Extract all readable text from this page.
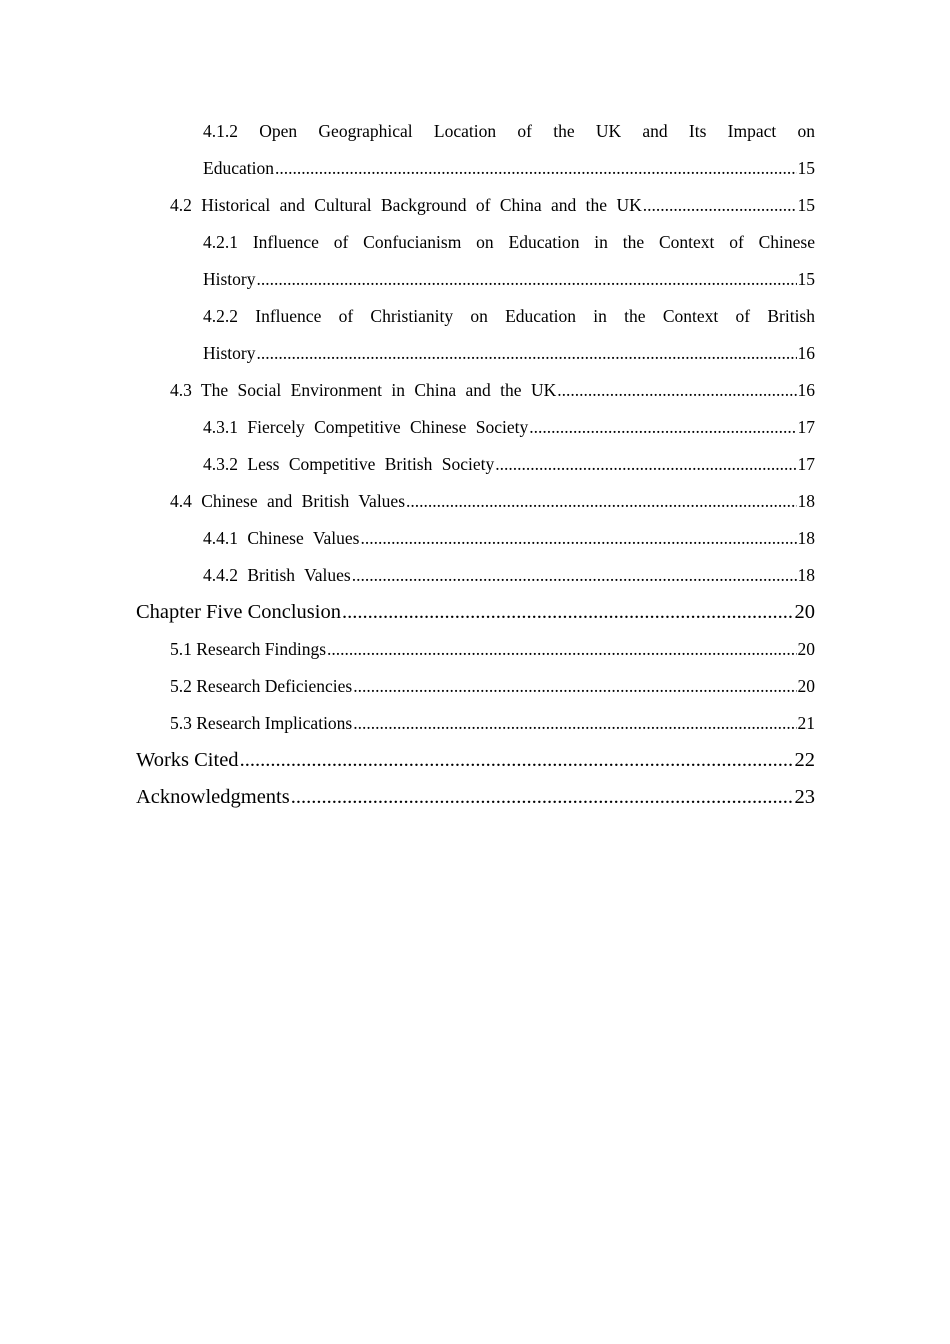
4.1.2 Open Geographical Location of the UK and Its Impact on
Education .....	15
4.2 Historical and Cultural Background of China and the UK .....	15
4.2.1 Influence of Confucianism on Education in the Context of Chinese
History .....	15
4.2.2 Influence of Christianity on Education in the Context of British
History .....	16
4.3 The Social Environment in China and the UK .....	16
4.3.1 Fiercely Competitive Chinese Society .....	17
4.3.2 Less Competitive British Society .....	17
4.4 Chinese and British Values .....	18
4.4.1 Chinese Values .....	18
4.4.2 British Values .....	18
Chapter Five Conclusion .....	20
5.1 Research Findings .....	20
5.2 Research Deficiencies .....	20
5.3 Research Implications .....	21
Works Cited .....	22
Acknowledgments .....	23
